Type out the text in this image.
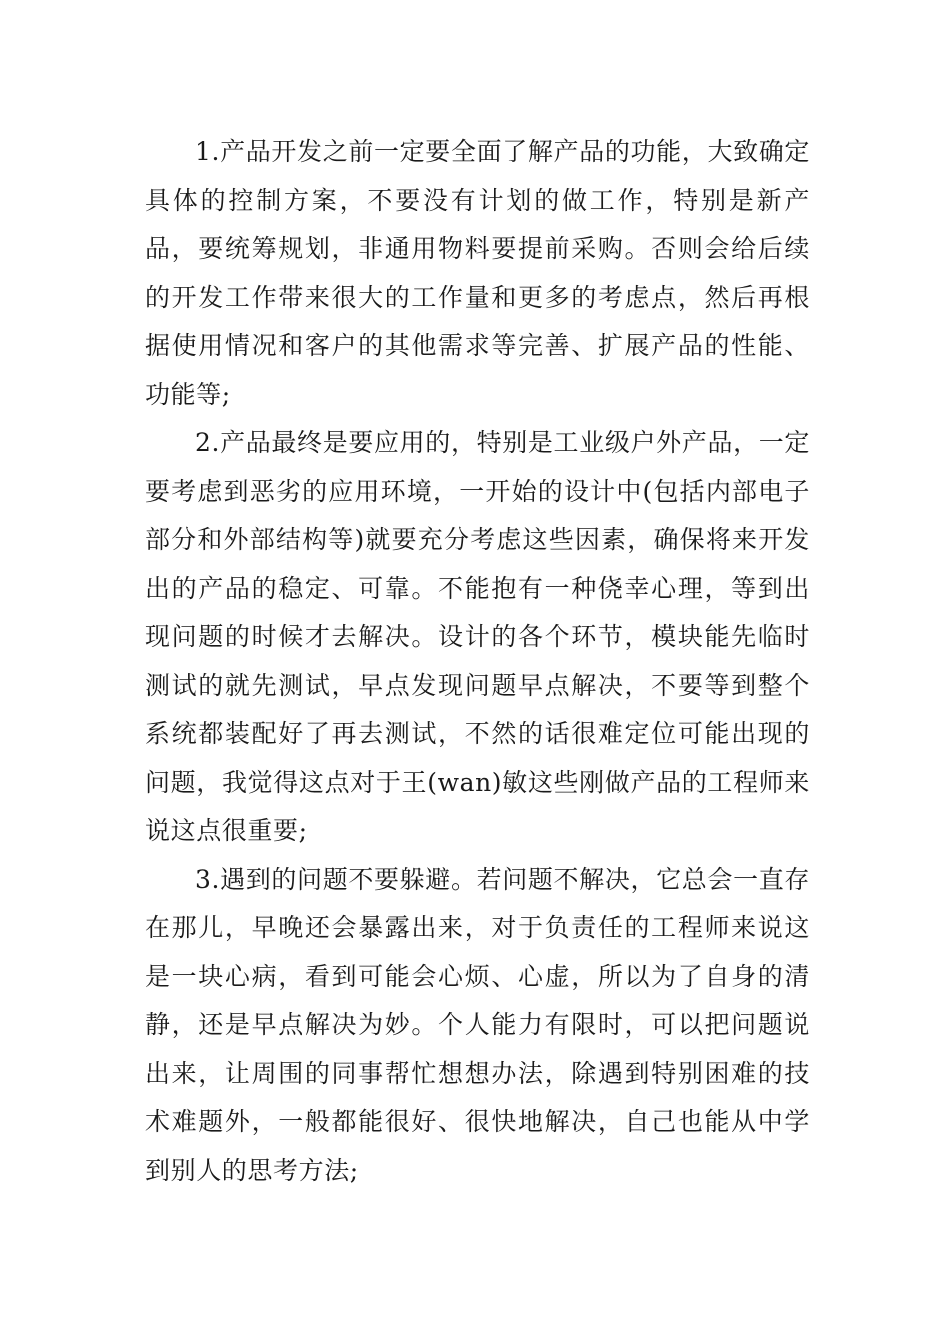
1.产品开发之前一定要全面了解产品的功能，大致确定具体的控制方案，不要没有计划的做工作，特别是新产品，要统筹规划，非通用物料要提前采购。否则会给后续的开发工作带来很大的工作量和更多的考虑点，然后再根据使用情况和客户的其他需求等完善、扩展产品的性能、功能等;

2.产品最终是要应用的，特别是工业级户外产品，一定要考虑到恶劣的应用环境，一开始的设计中(包括内部电子部分和外部结构等)就要充分考虑这些因素，确保将来开发出的产品的稳定、可靠。不能抱有一种侥幸心理，等到出现问题的时候才去解决。设计的各个环节，模块能先临时测试的就先测试，早点发现问题早点解决，不要等到整个系统都装配好了再去测试，不然的话很难定位可能出现的问题，我觉得这点对于王(wan)敏这些刚做产品的工程师来说这点很重要;

3.遇到的问题不要躲避。若问题不解决，它总会一直存在那儿，早晚还会暴露出来，对于负责任的工程师来说这是一块心病，看到可能会心烦、心虚，所以为了自身的清静，还是早点解决为妙。个人能力有限时，可以把问题说出来，让周围的同事帮忙想想办法，除遇到特别困难的技术难题外，一般都能很好、很快地解决，自己也能从中学到别人的思考方法;
